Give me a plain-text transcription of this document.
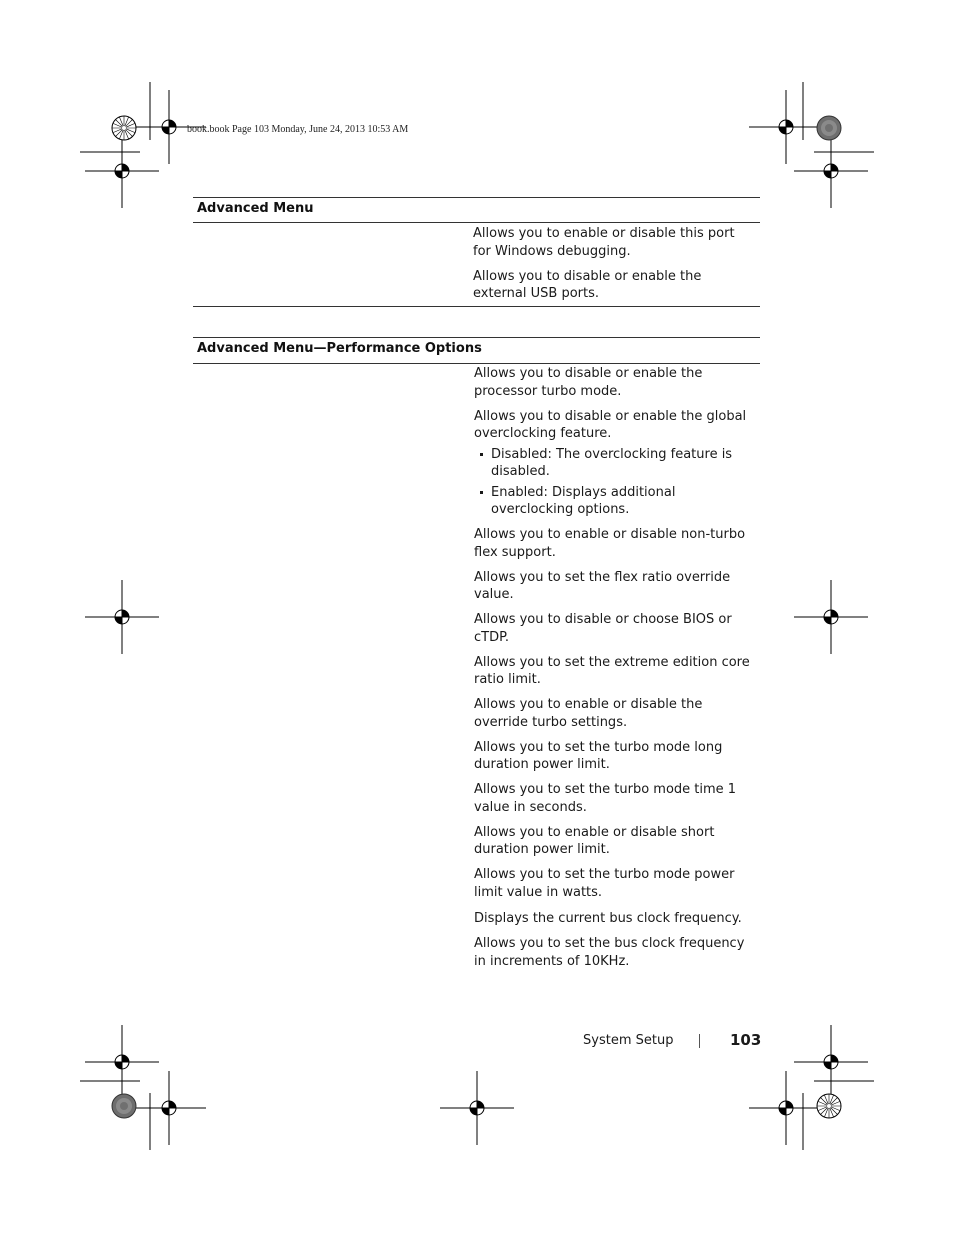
book.book Page 103 Monday, June 24, 2013 10:53 AM
Advanced Menu

Allows you to enable or disable this port for Windows debugging.

Allows you to disable or enable the external USB ports.

Advanced Menu—Performance Options

Allows you to disable or enable the processor turbo mode.

Allows you to disable or enable the global overclocking feature.

Disabled: The overclocking feature is disabled.

Enabled: Displays additional overclocking options.

Allows you to enable or disable non-turbo flex support.

Allows you to set the flex ratio override value.

Allows you to disable or choose BIOS or cTDP.

Allows you to set the extreme edition core ratio limit.

Allows you to enable or disable the override turbo settings.

Allows you to set the turbo mode long duration power limit.

Allows you to set the turbo mode time 1 value in seconds.

Allows you to enable or disable short duration power limit.

Allows you to set the turbo mode power limit value in watts.

Displays the current bus clock frequency.

Allows you to set the bus clock frequency in increments of 10KHz.

System Setup	103
